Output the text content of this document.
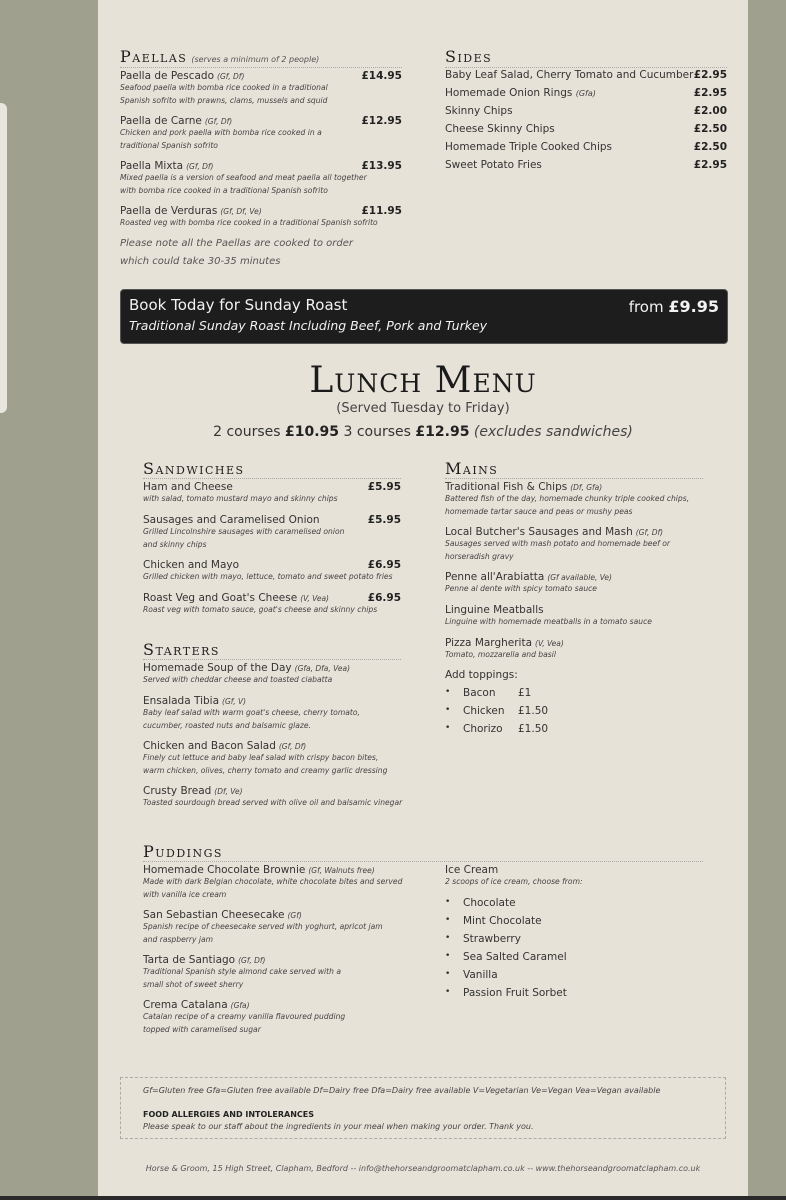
Paellas (serves a minimum of 2 people)
Paella de Pescado (Gf, Df)
Seafood paella with bomba rice cooked in a traditional Spanish sofrito with prawns, clams, mussels and squid
£14.95
Paella de Carne (Gf, Df)
Chicken and pork paella with bomba rice cooked in a traditional Spanish sofrito
£12.95
Paella Mixta (Gf, Df)
Mixed paella is a version of seafood and meat paella all together with bomba rice cooked in a traditional Spanish sofrito
£13.95
Paella de Verduras (Gf, Df, Ve)
Roasted veg with bomba rice cooked in a traditional Spanish sofrito
£11.95
Please note all the Paellas are cooked to order
which could take 30-35 minutes
Sides
Baby Leaf Salad, Cherry Tomato and Cucumber £2.95
Homemade Onion Rings (Gfa)	£2.95
Skinny Chips	£2.00
Cheese Skinny Chips	£2.50
Homemade Triple Cooked Chips	£2.50
Sweet Potato Fries	£2.95
Book Today for Sunday Roast
Traditional Sunday Roast Including Beef, Pork and Turkey
from £9.95
Lunch Menu
(Served Tuesday to Friday)
2 courses £10.95 3 courses £12.95 (excludes sandwiches)
Sandwiches
Ham and Cheese
with salad, tomato mustard mayo and skinny chips
£5.95
Sausages and Caramelised Onion
Grilled Lincolnshire sausages with caramelised onion and skinny chips
£5.95
Chicken and Mayo
Grilled chicken with mayo, lettuce, tomato and sweet potato fries
£6.95
Roast Veg and Goat's Cheese (V, Vea)
Roast veg with tomato sauce, goat's cheese and skinny chips
£6.95
Starters
Homemade Soup of the Day (Gfa, Dfa, Vea)
Served with cheddar cheese and toasted ciabatta
Ensalada Tibia (Gf, V)
Baby leaf salad with warm goat's cheese, cherry tomato, cucumber, roasted nuts and balsamic glaze.
Chicken and Bacon Salad (Gf, Df)
Finely cut lettuce and baby leaf salad with crispy bacon bites, warm chicken, olives, cherry tomato and creamy garlic dressing
Crusty Bread (Df, Ve)
Toasted sourdough bread served with olive oil and balsamic vinegar
Mains
Traditional Fish & Chips (Df, Gfa)
Battered fish of the day, homemade chunky triple cooked chips, homemade tartar sauce and peas or mushy peas
Local Butcher's Sausages and Mash (Gf, Df)
Sausages served with mash potato and homemade beef or horseradish gravy
Penne all'Arabiatta (Gf available, Ve)
Penne al dente with spicy tomato sauce
Linguine Meatballs
Linguine with homemade meatballs in a tomato sauce
Pizza Margherita (V, Vea)
Tomato, mozzarella and basil
Add toppings:
• Bacon £1
• Chicken £1.50
• Chorizo £1.50
Puddings
Homemade Chocolate Brownie (Gf, Walnuts free)
Made with dark Belgian chocolate, white chocolate bites and served with vanilla ice cream
San Sebastian Cheesecake (Gf)
Spanish recipe of cheesecake served with yoghurt, apricot jam and raspberry jam
Tarta de Santiago (Gf, Df)
Traditional Spanish style almond cake served with a small shot of sweet sherry
Crema Catalana (Gfa)
Catalan recipe of a creamy vanilla flavoured pudding topped with caramelised sugar
Ice Cream
2 scoops of ice cream, choose from:
• Chocolate
• Mint Chocolate
• Strawberry
• Sea Salted Caramel
• Vanilla
• Passion Fruit Sorbet
Gf=Gluten free Gfa=Gluten free available Df=Dairy free Dfa=Dairy free available V=Vegetarian Ve=Vegan Vea=Vegan available
FOOD ALLERGIES AND INTOLERANCES
Please speak to our staff about the ingredients in your meal when making your order. Thank you.
Horse & Groom, 15 High Street, Clapham, Bedford -- info@thehorseandgroomatclapham.co.uk -- www.thehorseandgroomatclapham.co.uk
